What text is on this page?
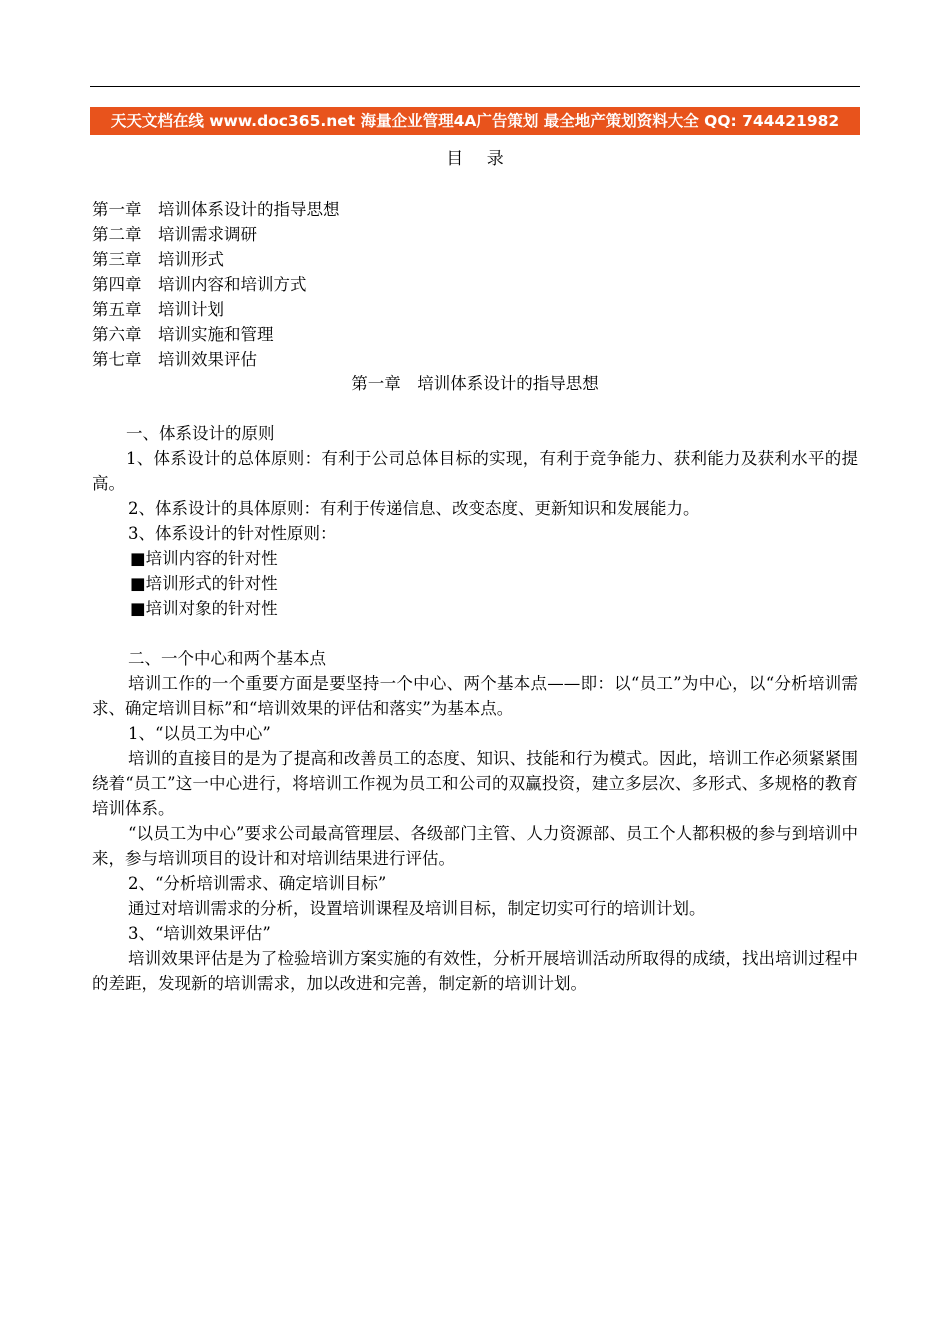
天天文档在线 www.doc365.net 海量企业管理4A广告策划 最全地产策划资料大全 QQ: 744421982
目 录
第一章　培训体系设计的指导思想
第二章　培训需求调研
第三章　培训形式
第四章　培训内容和培训方式
第五章　培训计划
第六章　培训实施和管理
第七章　培训效果评估
第一章　培训体系设计的指导思想

一、体系设计的原则

1、体系设计的总体原则：有利于公司总体目标的实现，有利于竞争能力、获利能力及获利水平的提高。

2、体系设计的具体原则：有利于传递信息、改变态度、更新知识和发展能力。

3、体系设计的针对性原则：

■培训内容的针对性

■培训形式的针对性

■培训对象的针对性

二、一个中心和两个基本点

培训工作的一个重要方面是要坚持一个中心、两个基本点——即：以“员工”为中心，以“分析培训需求、确定培训目标”和“培训效果的评估和落实”为基本点。

1、“以员工为中心”

培训的直接目的是为了提高和改善员工的态度、知识、技能和行为模式。因此，培训工作必须紧紧围绕着“员工”这一中心进行，将培训工作视为员工和公司的双赢投资，建立多层次、多形式、多规格的教育培训体系。

“以员工为中心”要求公司最高管理层、各级部门主管、人力资源部、员工个人都积极的参与到培训中来，参与培训项目的设计和对培训结果进行评估。

2、“分析培训需求、确定培训目标”

通过对培训需求的分析，设置培训课程及培训目标，制定切实可行的培训计划。

3、“培训效果评估”

培训效果评估是为了检验培训方案实施的有效性，分析开展培训活动所取得的成绩，找出培训过程中的差距，发现新的培训需求，加以改进和完善，制定新的培训计划。
